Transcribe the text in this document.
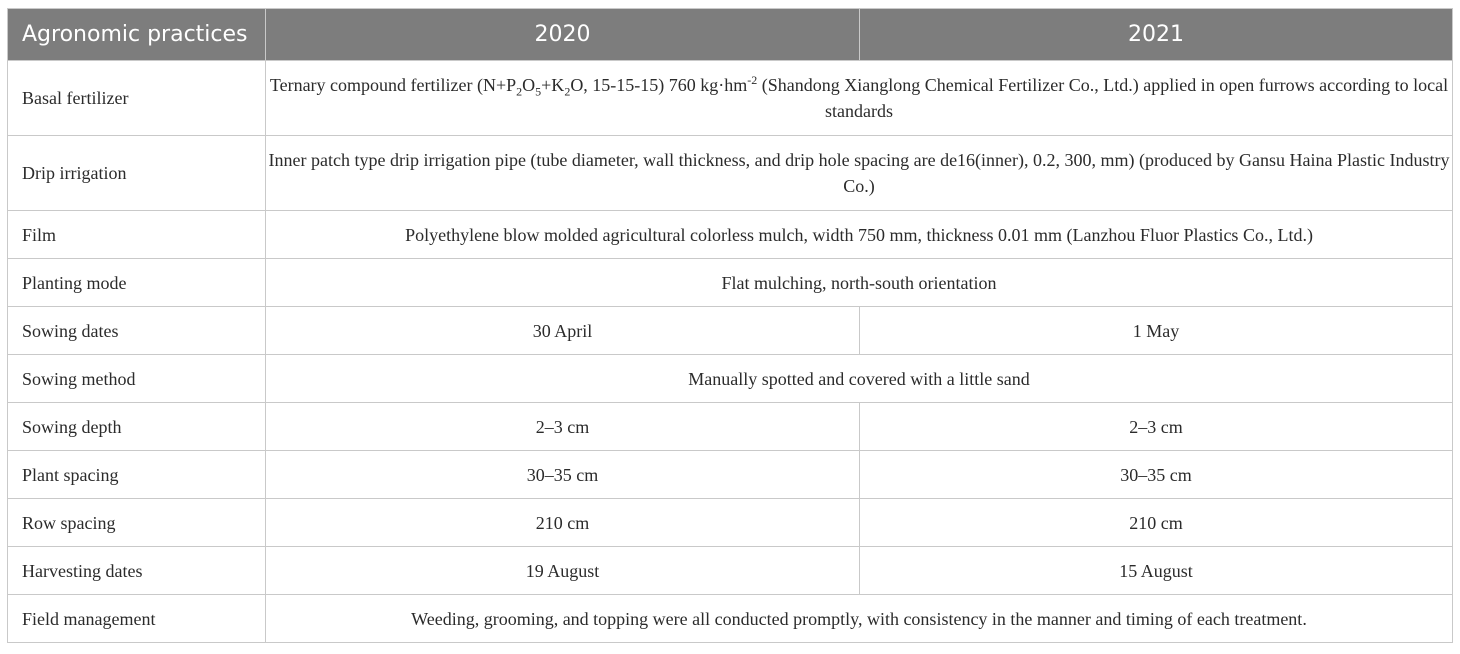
Agronomic practices	2020	2021
Basal fertilizer	Ternary compound fertilizer ($N+P_2O_5+K_2O$, 15-15-15) 760 $kg\cdot hm^{-2}$ (Shandong Xianglong Chemical Fertilizer Co., Ltd.) applied in open furrows according to local standards	
Drip irrigation	Inner patch type drip irrigation pipe (tube diameter, wall thickness, and drip hole spacing are de16(inner), 0.2, 300, mm) (produced by Gansu Haina Plastic Industry Co.)	
Film	Polyethylene blow molded agricultural colorless mulch, width 750 mm, thickness 0.01 mm (Lanzhou Fluor Plastics Co., Ltd.)	
Planting mode	Flat mulching, north-south orientation	
Sowing dates	30 April	1 May
Sowing method	Manually spotted and covered with a little sand	
Sowing depth	2–3 cm	2–3 cm
Plant spacing	30–35 cm	30–35 cm
Row spacing	210 cm	210 cm
Harvesting dates	19 August	15 August
Field management	Weeding, grooming, and topping were all conducted promptly, with consistency in the manner and timing of each treatment.	
